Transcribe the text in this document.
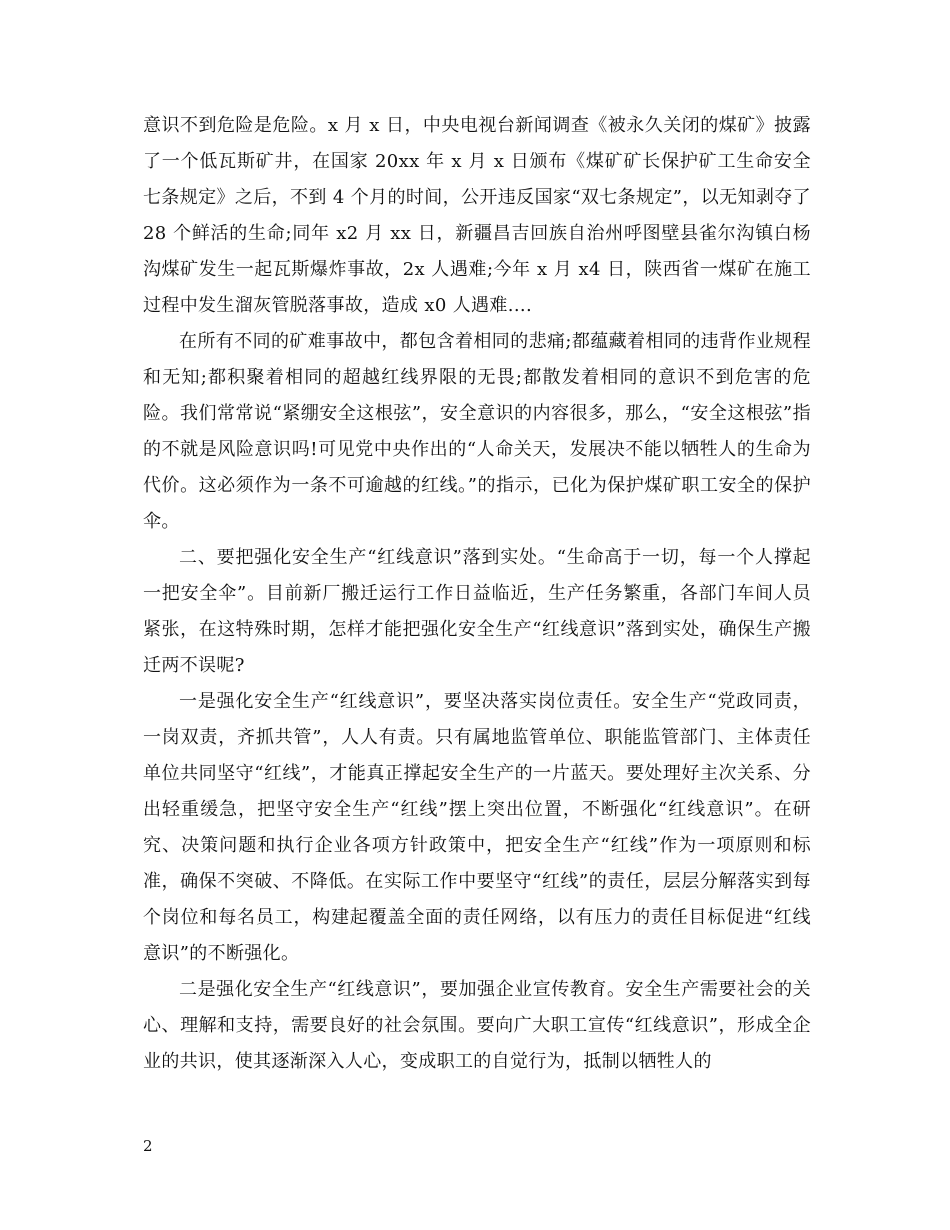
意识不到危险是危险。x 月 x 日，中央电视台新闻调查《被永久关闭的煤矿》披露了一个低瓦斯矿井，在国家 20xx 年 x 月 x 日颁布《煤矿矿长保护矿工生命安全七条规定》之后，不到 4 个月的时间，公开违反国家“双七条规定”，以无知剥夺了 28 个鲜活的生命;同年 x2 月 xx 日，新疆昌吉回族自治州呼图壁县雀尔沟镇白杨沟煤矿发生一起瓦斯爆炸事故，2x 人遇难;今年 x 月 x4 日，陕西省一煤矿在施工过程中发生溜灰管脱落事故，造成 x0 人遇难....

在所有不同的矿难事故中，都包含着相同的悲痛;都蕴藏着相同的违背作业规程和无知;都积聚着相同的超越红线界限的无畏;都散发着相同的意识不到危害的危险。我们常常说“紧绷安全这根弦”，安全意识的内容很多，那么，“安全这根弦”指的不就是风险意识吗!可见党中央作出的“人命关天，发展决不能以牺牲人的生命为代价。这必须作为一条不可逾越的红线。”的指示，已化为保护煤矿职工安全的保护伞。

二、要把强化安全生产“红线意识”落到实处。“生命高于一切，每一个人撑起一把安全伞”。目前新厂搬迁运行工作日益临近，生产任务繁重，各部门车间人员紧张，在这特殊时期，怎样才能把强化安全生产“红线意识”落到实处，确保生产搬迁两不误呢?

一是强化安全生产“红线意识”，要坚决落实岗位责任。安全生产“党政同责，一岗双责，齐抓共管”，人人有责。只有属地监管单位、职能监管部门、主体责任单位共同坚守“红线”，才能真正撑起安全生产的一片蓝天。要处理好主次关系、分出轻重缓急，把坚守安全生产“红线”摆上突出位置，不断强化“红线意识”。在研究、决策问题和执行企业各项方针政策中，把安全生产“红线”作为一项原则和标准，确保不突破、不降低。在实际工作中要坚守“红线”的责任，层层分解落实到每个岗位和每名员工，构建起覆盖全面的责任网络，以有压力的责任目标促进“红线意识”的不断强化。

二是强化安全生产“红线意识”，要加强企业宣传教育。安全生产需要社会的关心、理解和支持，需要良好的社会氛围。要向广大职工宣传“红线意识”，形成全企业的共识，使其逐渐深入人心，变成职工的自觉行为，抵制以牺牲人的

2
